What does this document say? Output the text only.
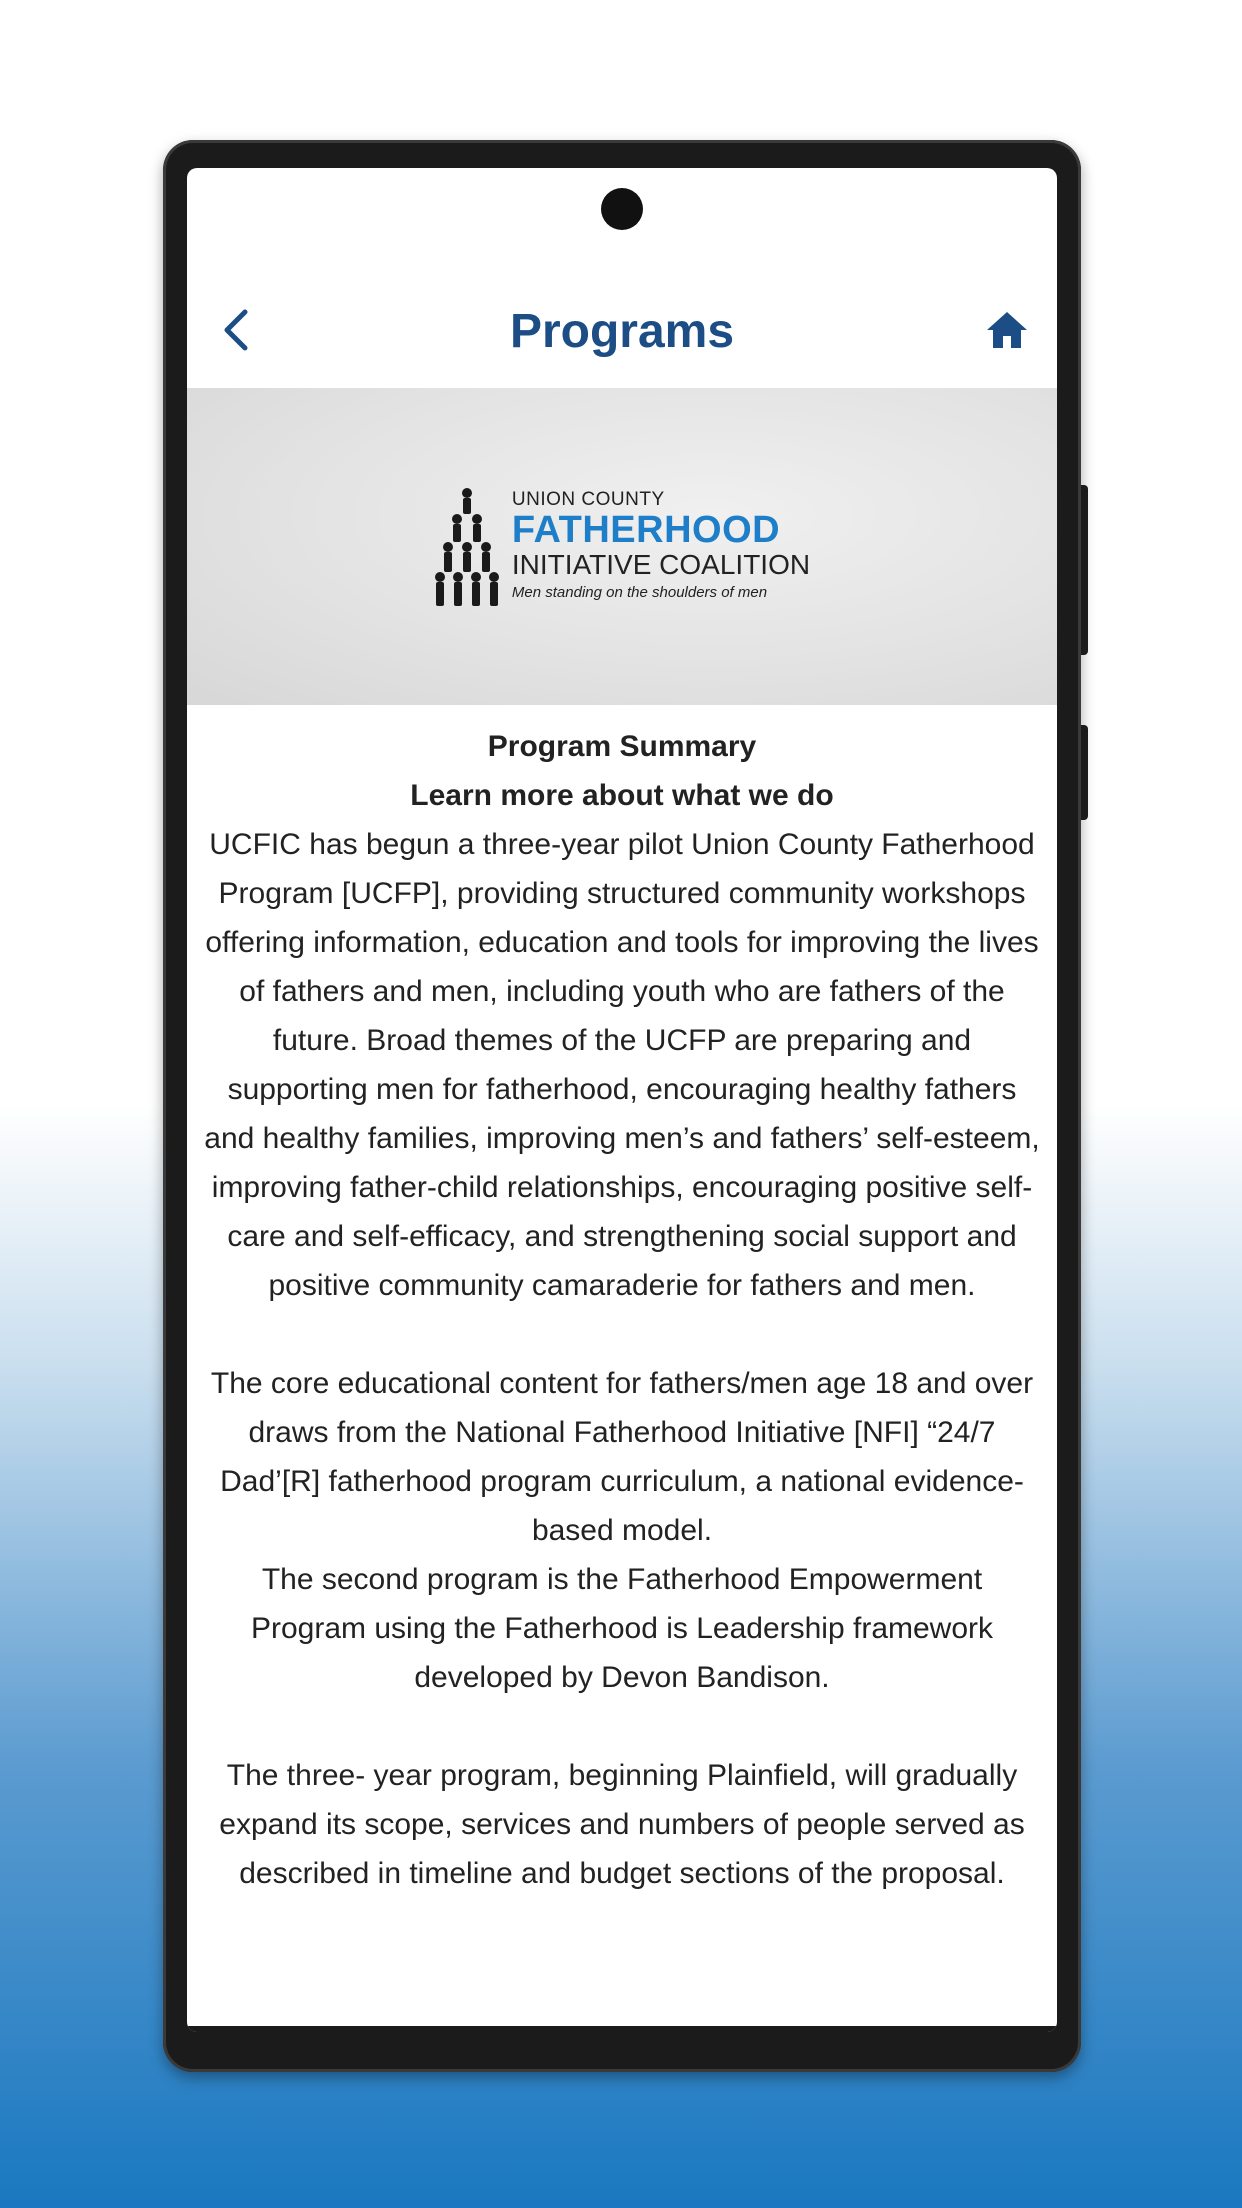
Programs
UNION COUNTY
FATHERHOOD
INITIATIVE COALITION
Men standing on the shoulders of men
Program Summary
Learn more about what we do

UCFIC has begun a three-year pilot Union County Fatherhood Program [UCFP], providing structured community workshops offering information, education and tools for improving the lives of fathers and men, including youth who are fathers of the future. Broad themes of the UCFP are preparing and supporting men for fatherhood, encouraging healthy fathers and healthy families, improving men’s and fathers’ self-esteem, improving father-child relationships, encouraging positive self-care and self-efficacy, and strengthening social support and positive community camaraderie for fathers and men.

The core educational content for fathers/men age 18 and over draws from the National Fatherhood Initiative [NFI] “24/7 Dad’[R] fatherhood program curriculum, a national evidence-based model.

The second program is the Fatherhood Empowerment Program using the Fatherhood is Leadership framework developed by Devon Bandison.

The three- year program, beginning Plainfield, will gradually expand its scope, services and numbers of people served as described in timeline and budget sections of the proposal.
